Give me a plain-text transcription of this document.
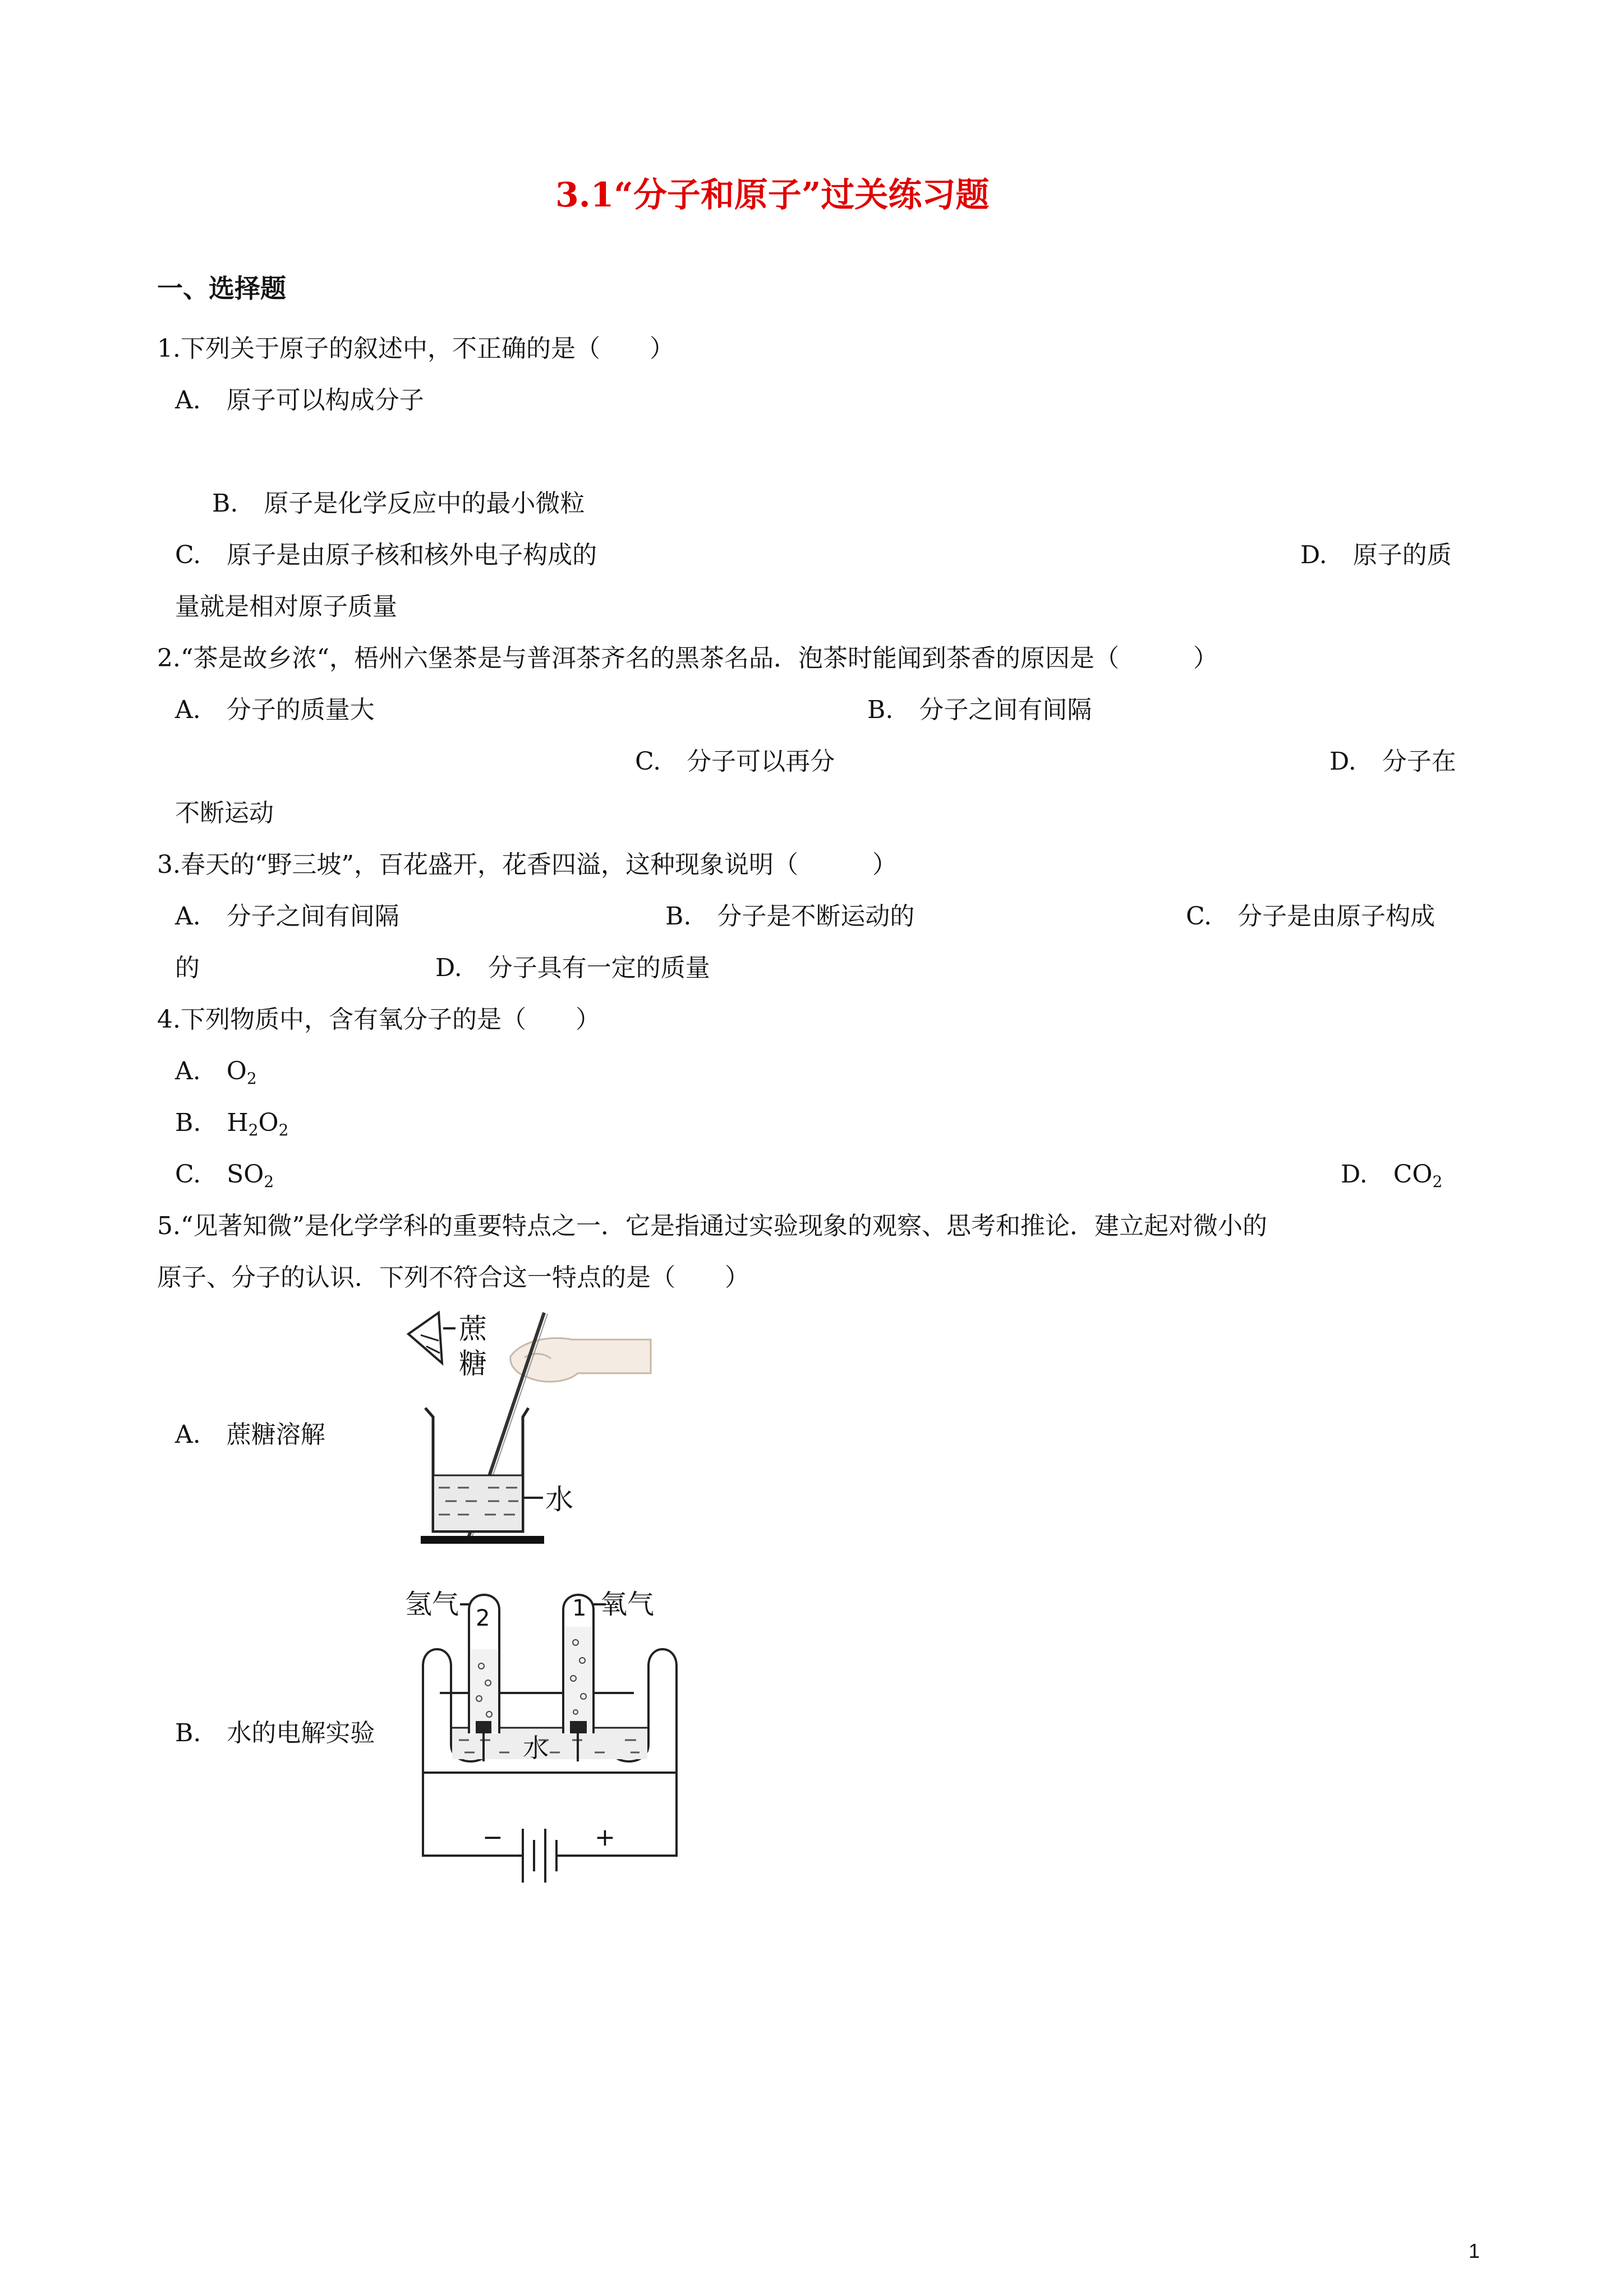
3.1“分子和原子”过关练习题
一、选择题
1.下列关于原子的叙述中，不正确的是（　　）
A. 原子可以构成分子
B. 原子是化学反应中的最小微粒
C. 原子是由原子核和核外电子构成的	D. 原子的质
量就是相对原子质量
2.“茶是故乡浓“，梧州六堡茶是与普洱茶齐名的黑茶名品．泡茶时能闻到茶香的原因是（　　　）
A. 分子的质量大	B. 分子之间有间隔
C. 分子可以再分	D. 分子在
不断运动
3.春天的“野三坡”，百花盛开，花香四溢，这种现象说明（　　　）
A. 分子之间有间隔	B. 分子是不断运动的	C. 分子是由原子构成
的	D. 分子具有一定的质量
4.下列物质中，含有氧分子的是（　　）
A. $O_2$
B. $H_2O_2$
C. $SO_2$	D. $CO_2$
5.“见著知微”是化学学科的重要特点之一．它是指通过实验现象的观察、思考和推论．建立起对微小的
原子、分子的认识．下列不符合这一特点的是（　　）
A. 蔗糖溶解
B. 水的电解实验
蔗
糖
水
氢气	氧气
水
2	1
−	+
1
